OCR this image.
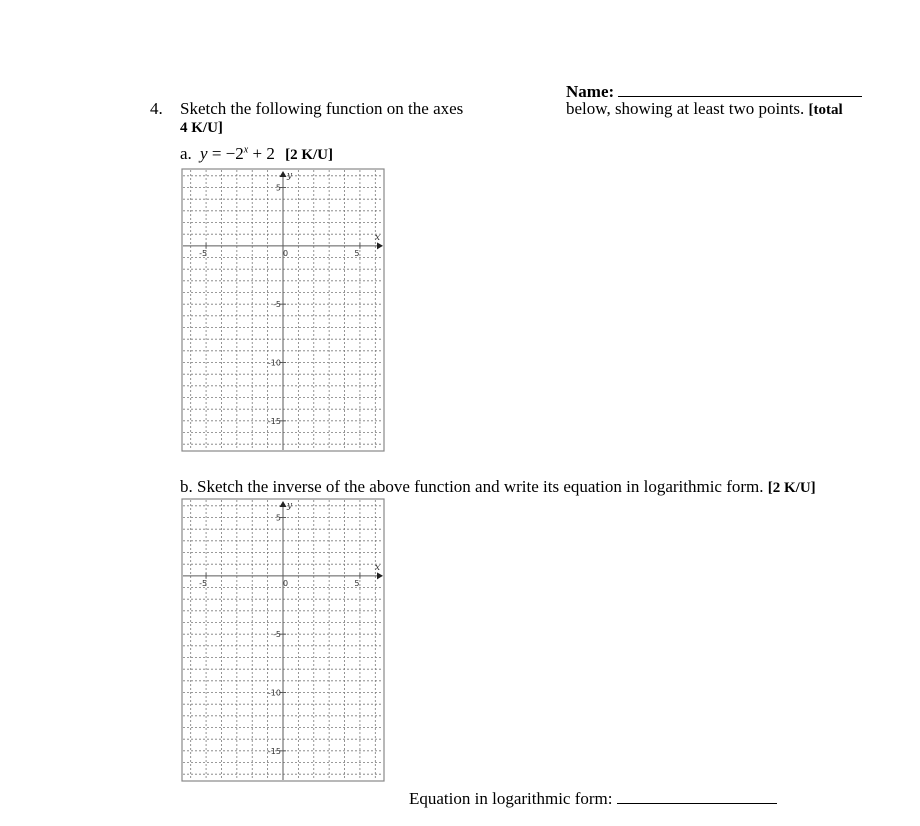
Name:
4. Sketch the following function on the axes	below, showing at least two points. [total
4 K/U]
a. $y = -2^x + 2$ [2 K/U]
x
y
-5	0	5
5
-5
-10
-15
b. Sketch the inverse of the above function and write its equation in logarithmic form. [2 K/U]
x
y
-5	0	5
5
-5
-10
-15
Equation in logarithmic form:
